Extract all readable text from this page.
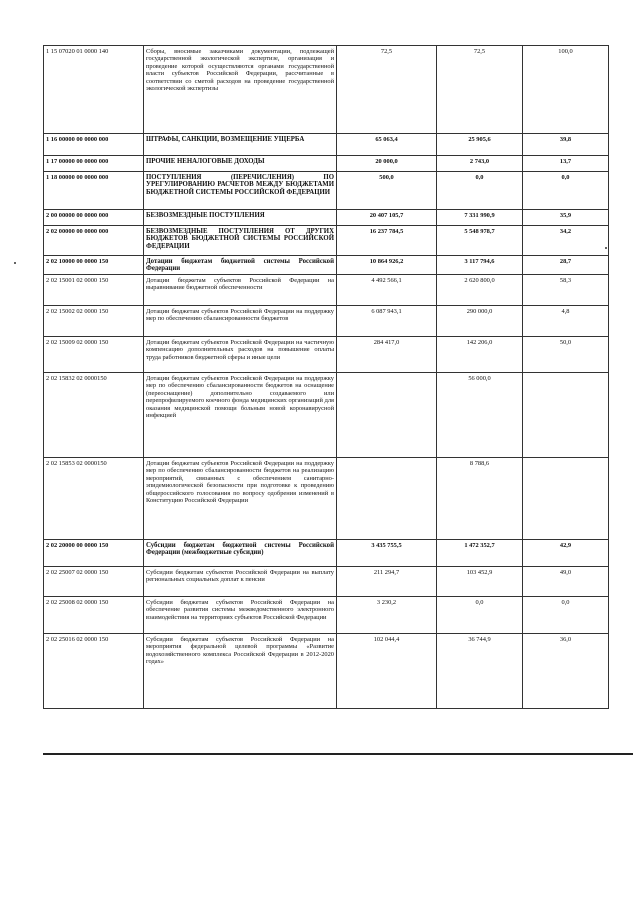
1 15 07020 01 0000 140	Сборы, вносимые заказчиками документации, подлежащей государственной экологической экспертизе, организация и проведение которой осуществляются органами государственной власти субъектов Российской Федерации, рассчитанные в соответствии со сметой расходов на проведение государственной экологической экспертизы	72,5	72,5	100,0
1 16 00000 00 0000 000	ШТРАФЫ, САНКЦИИ, ВОЗМЕЩЕНИЕ УЩЕРБА	65 063,4	25 905,6	39,8
1 17 00000 00 0000 000	ПРОЧИЕ НЕНАЛОГОВЫЕ ДОХОДЫ	20 000,0	2 743,0	13,7
1 18 00000 00 0000 000	ПОСТУПЛЕНИЯ (ПЕРЕЧИСЛЕНИЯ) ПО УРЕГУЛИРОВАНИЮ РАСЧЕТОВ МЕЖДУ БЮДЖЕТАМИ БЮДЖЕТНОЙ СИСТЕМЫ РОССИЙСКОЙ ФЕДЕРАЦИИ	500,0	0,0	0,0
2 00 00000 00 0000 000	БЕЗВОЗМЕЗДНЫЕ ПОСТУПЛЕНИЯ	20 407 105,7	7 331 990,9	35,9
2 02 00000 00 0000 000	БЕЗВОЗМЕЗДНЫЕ ПОСТУПЛЕНИЯ ОТ ДРУГИХ БЮДЖЕТОВ БЮДЖЕТНОЙ СИСТЕМЫ РОССИЙСКОЙ ФЕДЕРАЦИИ	16 237 784,5	5 548 978,7	34,2
2 02 10000 00 0000 150	Дотации бюджетам бюджетной системы Российской Федерации	10 864 926,2	3 117 794,6	28,7
2 02 15001 02 0000 150	Дотации бюджетам субъектов Российской Федерации на выравнивание бюджетной обеспеченности	4 492 566,1	2 620 800,0	58,3
2 02 15002 02 0000 150	Дотации бюджетам субъектов Российской Федерации на поддержку мер по обеспечению сбалансированности бюджетов	6 087 943,1	290 000,0	4,8
2 02 15009 02 0000 150	Дотации бюджетам субъектов Российской Федерации на частичную компенсацию дополнительных расходов на повышение оплаты труда работников бюджетной сферы и иные цели	284 417,0	142 206,0	50,0
2 02 15832 02 0000150	Дотации бюджетам субъектов Российской Федерации на поддержку мер по обеспечению сбалансированности бюджетов на оснащение (переоснащение) дополнительно создаваемого или перепрофилируемого коечного фонда медицинских организаций для оказания медицинской помощи больным новой коронавирусной инфекцией		56 000,0	
2 02 15853 02 0000150	Дотации бюджетам субъектов Российской Федерации на поддержку мер по обеспечению сбалансированности бюджетов на реализацию мероприятий, связанных с обеспечением санитарно-эпидемиологической безопасности при подготовке к проведению общероссийского голосования по вопросу одобрения изменений в Конституцию Российской Федерации		8 788,6	
2 02 20000 00 0000 150	Субсидии бюджетам бюджетной системы Российской Федерации (межбюджетные субсидии)	3 435 755,5	1 472 352,7	42,9
2 02 25007 02 0000 150	Субсидии бюджетам субъектов Российской Федерации на выплату региональных социальных доплат к пенсии	211 294,7	103 452,9	49,0
2 02 25008 02 0000 150	Субсидии бюджетам субъектов Российской Федерации на обеспечение развития системы межведомственного электронного взаимодействия на территориях субъектов Российской Федерации	3 230,2	0,0	0,0
2 02 25016 02 0000 150	Субсидии бюджетам субъектов Российской Федерации на мероприятия федеральной целевой программы «Развитие водохозяйственного комплекса Российской Федерации в 2012-2020 годах»	102 044,4	36 744,9	36,0
